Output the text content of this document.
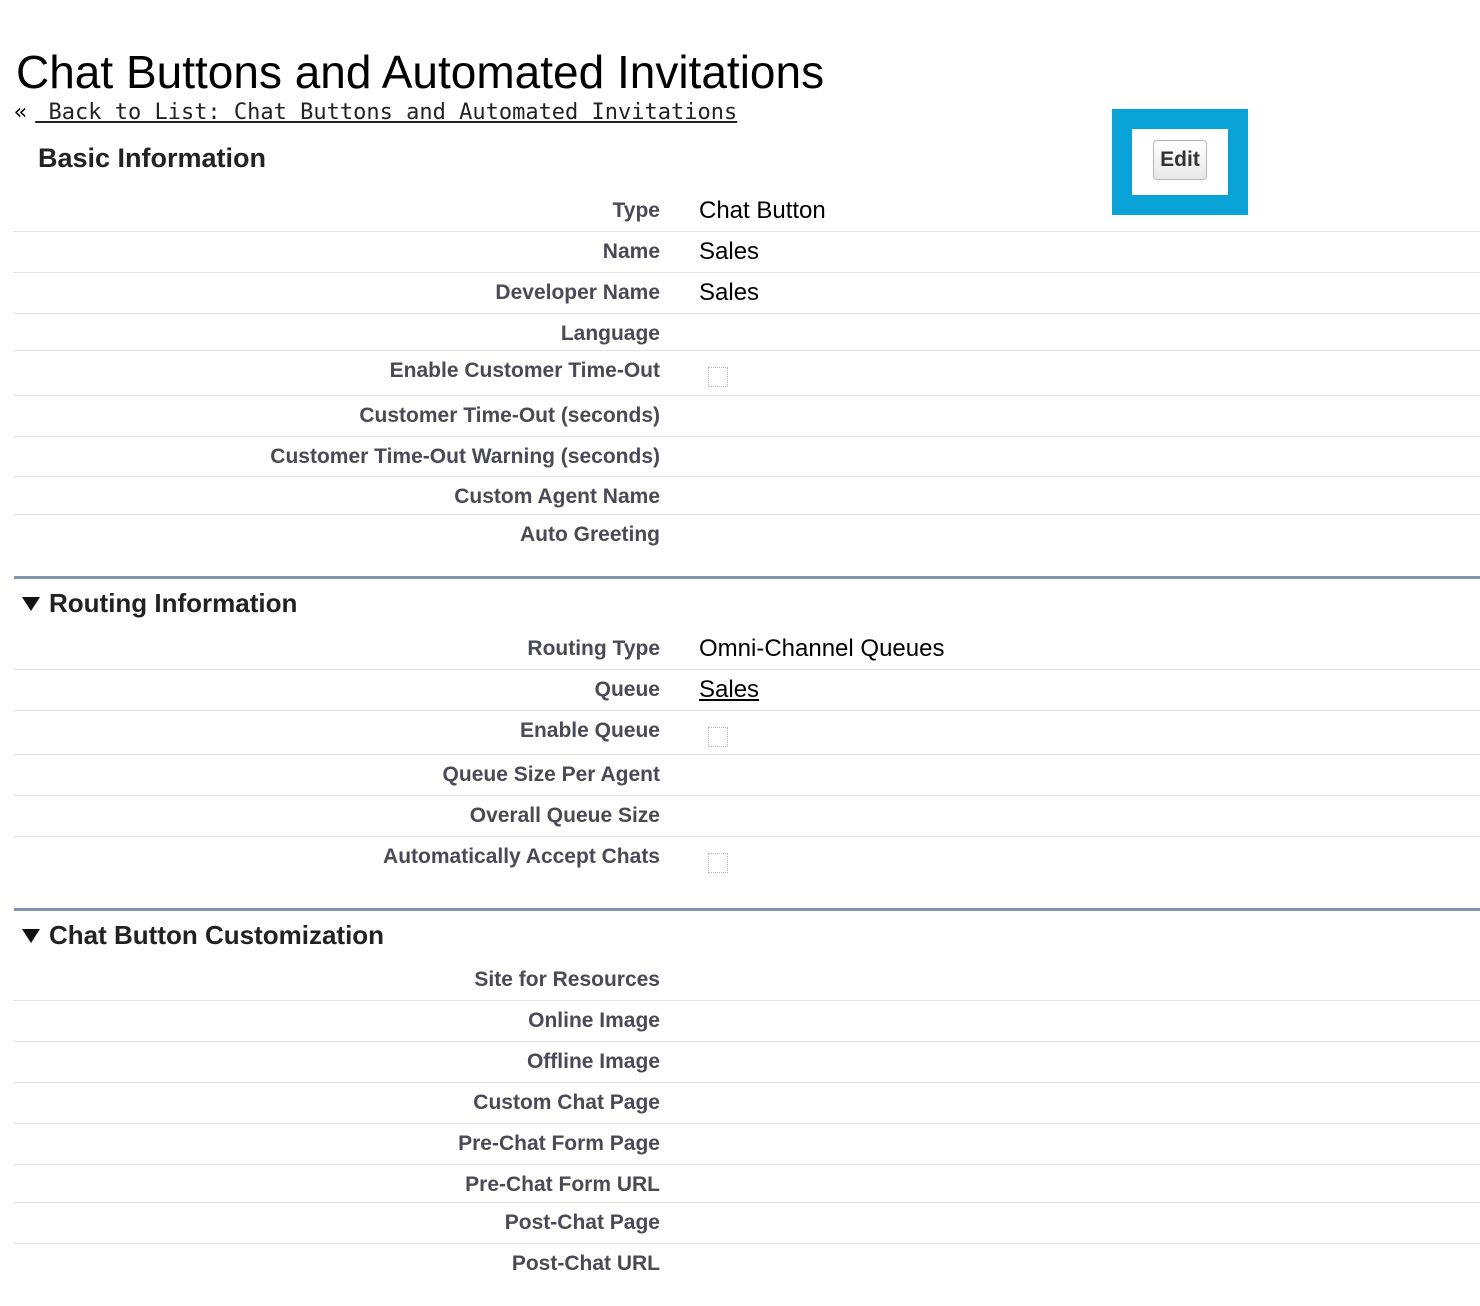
Chat Buttons and Automated Invitations
« Back to List: Chat Buttons and Automated Invitations
Basic Information	Edit
Type Chat Button
Name Sales
Developer Name Sales
Language
Enable Customer Time-Out
Customer Time-Out (seconds)
Customer Time-Out Warning (seconds)
Custom Agent Name
Auto Greeting
Routing Information
Routing Type Omni-Channel Queues
Queue Sales
Enable Queue
Queue Size Per Agent
Overall Queue Size
Automatically Accept Chats
Chat Button Customization
Site for Resources
Online Image
Offline Image
Custom Chat Page
Pre-Chat Form Page
Pre-Chat Form URL
Post-Chat Page
Post-Chat URL
